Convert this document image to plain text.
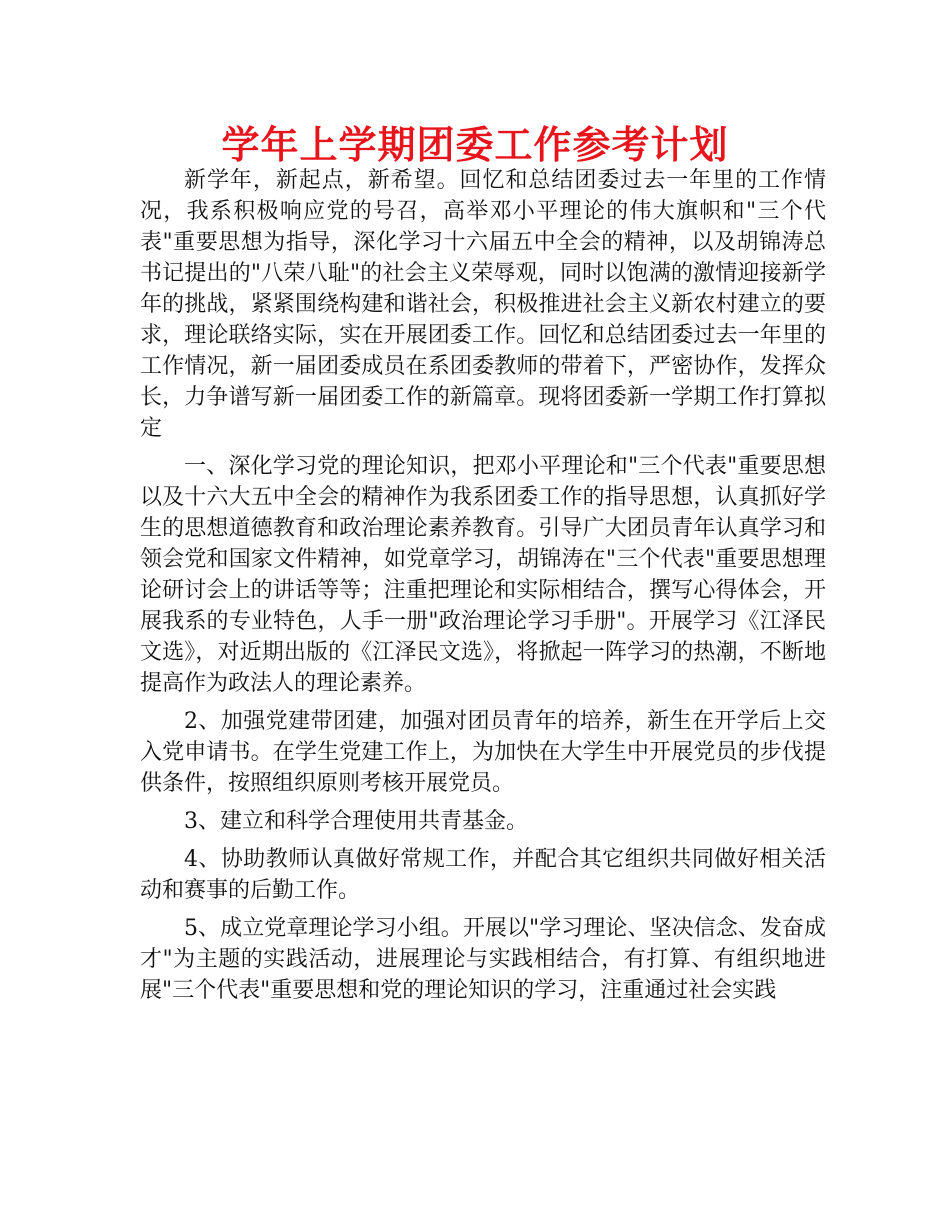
学年上学期团委工作参考计划

新学年，新起点，新希望。回忆和总结团委过去一年里的工作情况，我系积极响应党的号召，高举邓小平理论的伟大旗帜和"三个代表"重要思想为指导，深化学习十六届五中全会的精神，以及胡锦涛总书记提出的"八荣八耻"的社会主义荣辱观，同时以饱满的激情迎接新学年的挑战，紧紧围绕构建和谐社会，积极推进社会主义新农村建立的要求，理论联络实际，实在开展团委工作。回忆和总结团委过去一年里的工作情况，新一届团委成员在系团委教师的带着下，严密协作，发挥众长，力争谱写新一届团委工作的新篇章。现将团委新一学期工作打算拟定

一、深化学习党的理论知识，把邓小平理论和"三个代表"重要思想以及十六大五中全会的精神作为我系团委工作的指导思想，认真抓好学生的思想道德教育和政治理论素养教育。引导广大团员青年认真学习和领会党和国家文件精神，如党章学习，胡锦涛在"三个代表"重要思想理论研讨会上的讲话等等；注重把理论和实际相结合，撰写心得体会，开展我系的专业特色，人手一册"政治理论学习手册"。开展学习《江泽民文选》，对近期出版的《江泽民文选》，将掀起一阵学习的热潮，不断地提高作为政法人的理论素养。

2、加强党建带团建，加强对团员青年的培养，新生在开学后上交入党申请书。在学生党建工作上，为加快在大学生中开展党员的步伐提供条件，按照组织原则考核开展党员。

3、建立和科学合理使用共青基金。

4、协助教师认真做好常规工作，并配合其它组织共同做好相关活动和赛事的后勤工作。

5、成立党章理论学习小组。开展以"学习理论、坚决信念、发奋成才"为主题的实践活动，进展理论与实践相结合，有打算、有组织地进展"三个代表"重要思想和党的理论知识的学习，注重通过社会实践
